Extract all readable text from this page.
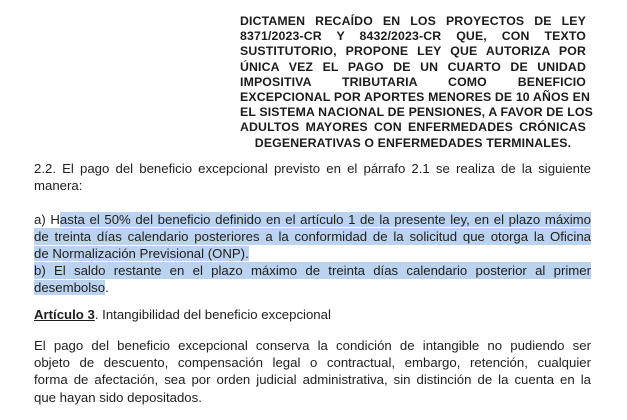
DICTAMEN RECAÍDO EN LOS PROYECTOS DE LEY
8371/2023-CR Y 8432/2023-CR QUE, CON TEXTO
SUSTITUTORIO, PROPONE LEY QUE AUTORIZA POR
ÚNICA VEZ EL PAGO DE UN CUARTO DE UNIDAD
IMPOSITIVA TRIBUTARIA COMO BENEFICIO
EXCEPCIONAL POR APORTES MENORES DE 10 AÑOS EN
EL SISTEMA NACIONAL DE PENSIONES, A FAVOR DE LOS
ADULTOS MAYORES CON ENFERMEDADES CRÓNICAS
DEGENERATIVAS O ENFERMEDADES TERMINALES.
2.2. El pago del beneficio excepcional previsto en el párrafo 2.1 se realiza de la siguiente
manera:
a) Hasta el 50% del beneficio definido en el artículo 1 de la presente ley, en el plazo máximo
de treinta días calendario posteriores a la conformidad de la solicitud que otorga la Oficina
de Normalización Previsional (ONP).
b) El saldo restante en el plazo máximo de treinta días calendario posterior al primer
desembolso.
Artículo 3. Intangibilidad del beneficio excepcional
El pago del beneficio excepcional conserva la condición de intangible no pudiendo ser
objeto de descuento, compensación legal o contractual, embargo, retención, cualquier
forma de afectación, sea por orden judicial administrativa, sin distinción de la cuenta en la
que hayan sido depositados.
